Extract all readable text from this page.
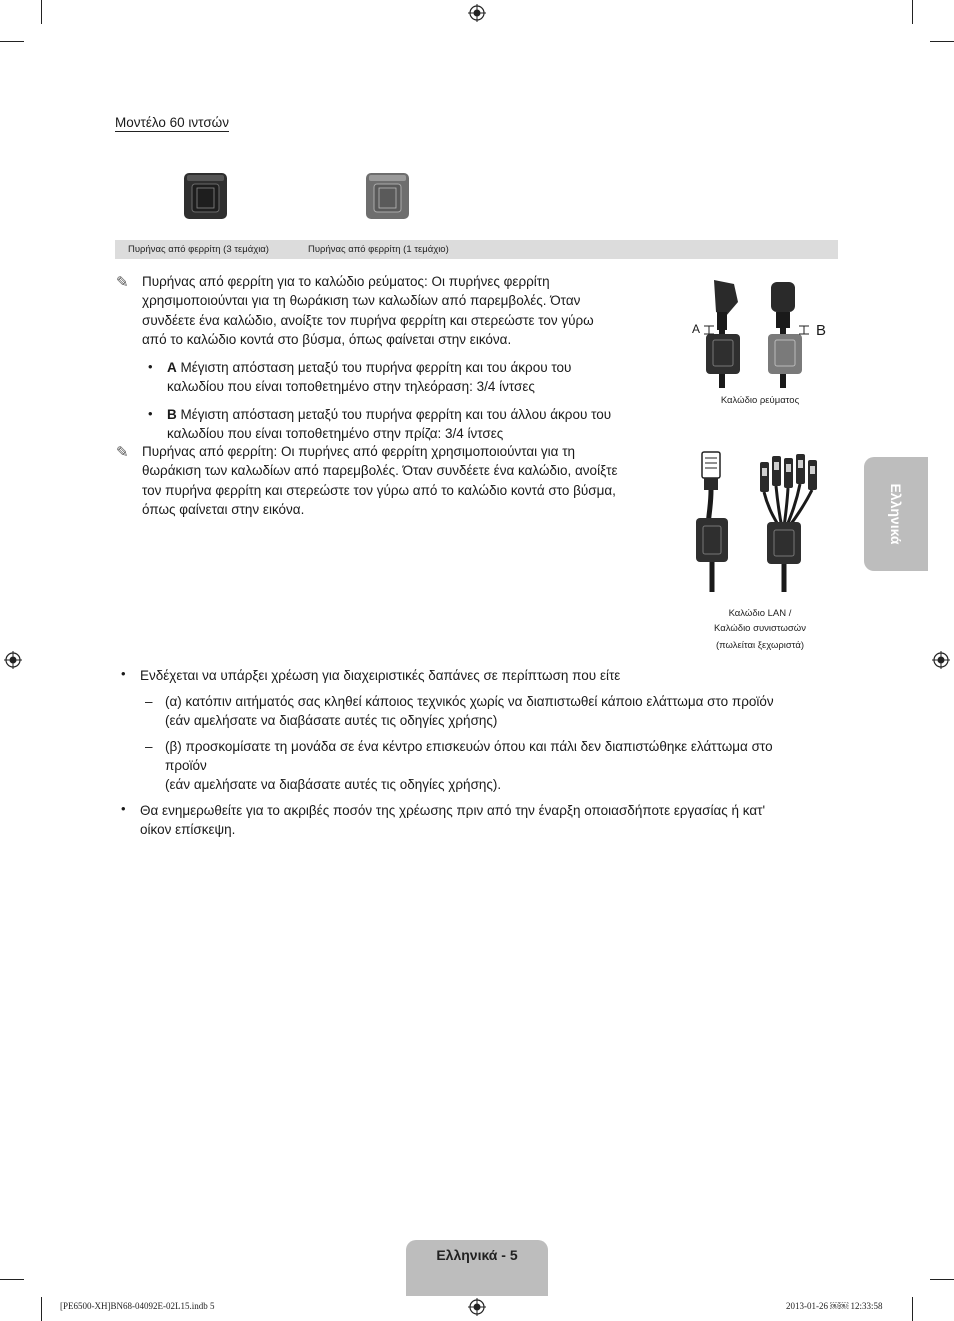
Μοντέλο 60 ιντσών
Πυρήνας από φερρίτη (3 τεμάχια)	Πυρήνας από φερρίτη (1 τεμάχιο)
✎ Πυρήνας από φερρίτη για το καλώδιο ρεύματος: Οι πυρήνες φερρίτη
χρησιμοποιούνται για τη θωράκιση των καλωδίων από παρεμβολές. Όταν
συνδέετε ένα καλώδιο, ανοίξτε τον πυρήνα φερρίτη και στερεώστε τον γύρω
από το καλώδιο κοντά στο βύσμα, όπως φαίνεται στην εικόνα.
• A Μέγιστη απόσταση μεταξύ του πυρήνα φερρίτη και του άκρου του
καλωδίου που είναι τοποθετημένο στην τηλεόραση: 3/4 ίντσες
• B Μέγιστη απόσταση μεταξύ του πυρήνα φερρίτη και του άλλου άκρου του
καλωδίου που είναι τοποθετημένο στην πρίζα: 3/4 ίντσες
✎ Πυρήνας από φερρίτη: Οι πυρήνες από φερρίτη χρησιμοποιούνται για τη
θωράκιση των καλωδίων από παρεμβολές. Όταν συνδέετε ένα καλώδιο, ανοίξτε
τον πυρήνα φερρίτη και στερεώστε τον γύρω από το καλώδιο κοντά στο βύσμα,
όπως φαίνεται στην εικόνα.
A	B
Καλώδιο ρεύματος
Καλώδιο LAN /
Καλώδιο συνιστωσών
(πωλείται ξεχωριστά)
• Ενδέχεται να υπάρξει χρέωση για διαχειριστικές δαπάνες σε περίπτωση που είτε
– (α) κατόπιν αιτήματός σας κληθεί κάποιος τεχνικός χωρίς να διαπιστωθεί κάποιο ελάττωμα στο προϊόν
(εάν αμελήσατε να διαβάσατε αυτές τις οδηγίες χρήσης)
– (β) προσκομίσατε τη μονάδα σε ένα κέντρο επισκευών όπου και πάλι δεν διαπιστώθηκε ελάττωμα στο
προϊόν
(εάν αμελήσατε να διαβάσατε αυτές τις οδηγίες χρήσης).
• Θα ενημερωθείτε για το ακριβές ποσόν της χρέωσης πριν από την έναρξη οποιασδήποτε εργασίας ή κατ'
οίκον επίσκεψη.
Ελληνικά
Ελληνικά - 5
[PE6500-XH]BN68-04092E-02L15.indb 5	2013-01-26 ￼￼ 12:33:58
